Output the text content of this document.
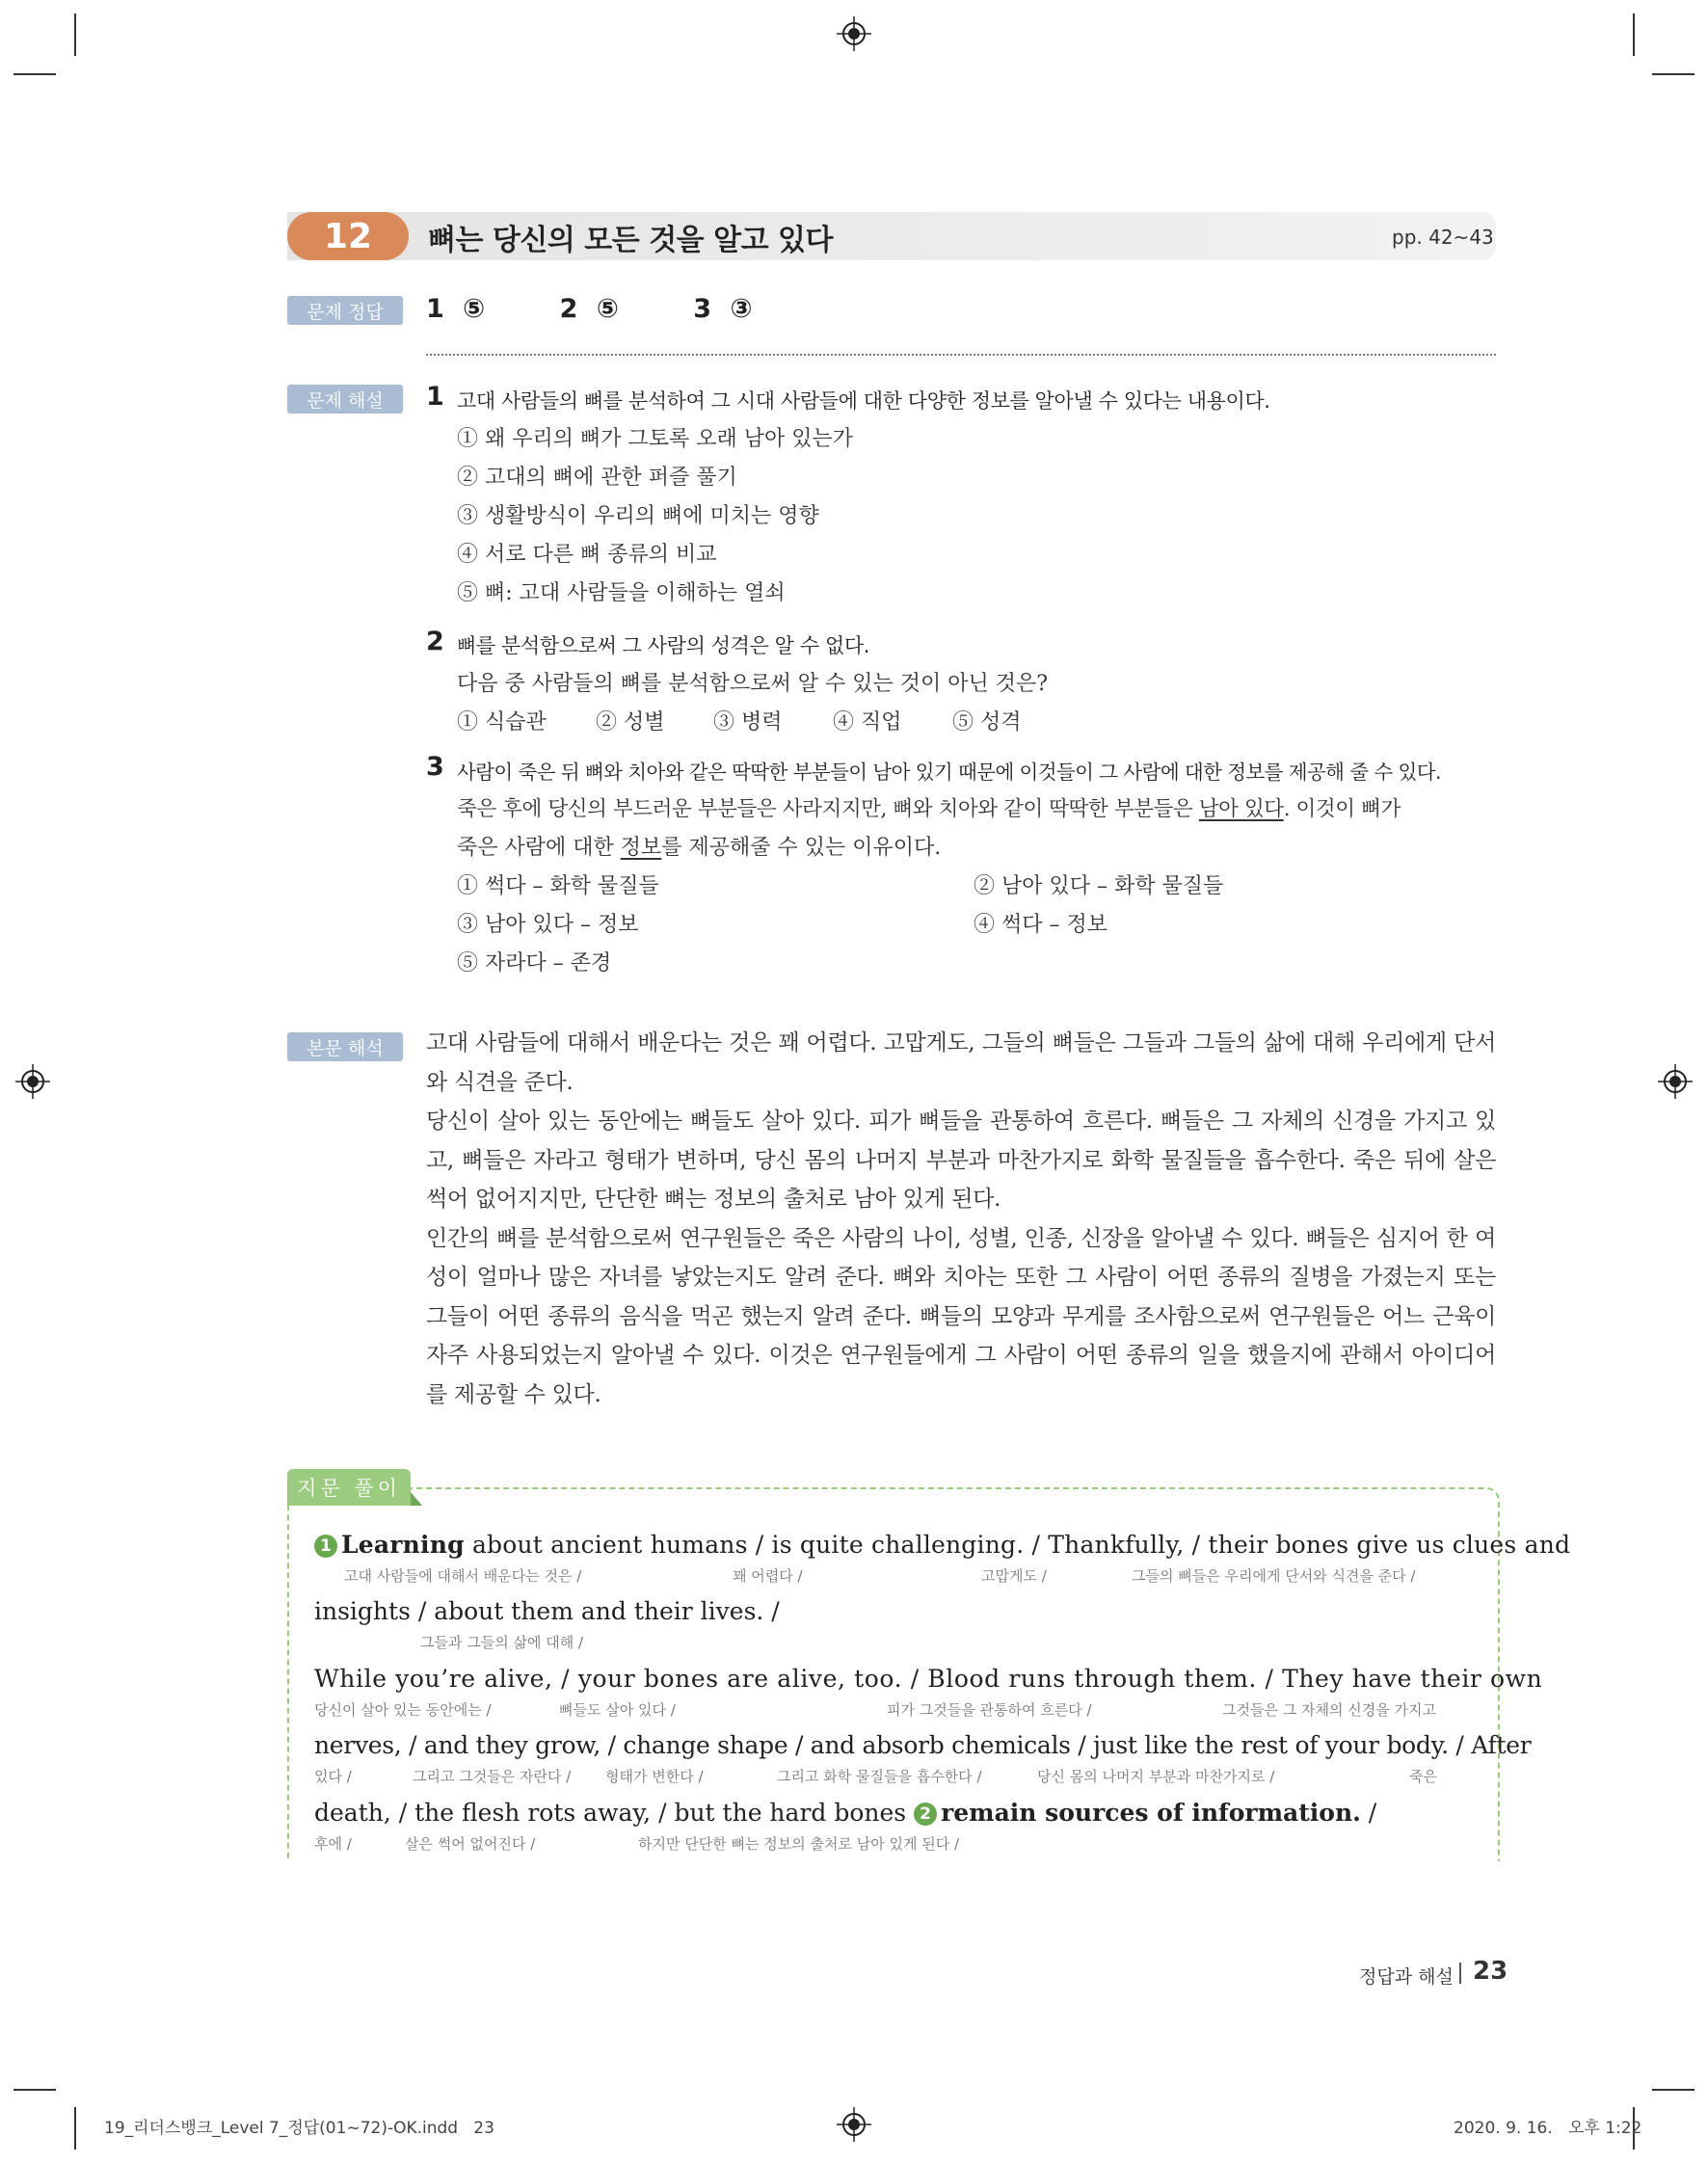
12	뼈는 당신의 모든 것을 알고 있다	pp. 42~43
문제 정답	1 ⑤    2 ⑤    3 ③
문제 해설	1 고대 사람들의 뼈를 분석하여 그 시대 사람들에 대한 다양한 정보를 알아낼 수 있다는 내용이다.
① 왜 우리의 뼈가 그토록 오래 남아 있는가
② 고대의 뼈에 관한 퍼즐 풀기
③ 생활방식이 우리의 뼈에 미치는 영향
④ 서로 다른 뼈 종류의 비교
⑤ 뼈: 고대 사람들을 이해하는 열쇠
2 뼈를 분석함으로써 그 사람의 성격은 알 수 없다.
다음 중 사람들의 뼈를 분석함으로써 알 수 있는 것이 아닌 것은?
① 식습관 ② 성별 ③ 병력 ④ 직업 ⑤ 성격
3 사람이 죽은 뒤 뼈와 치아와 같은 딱딱한 부분들이 남아 있기 때문에 이것들이 그 사람에 대한 정보를 제공해 줄 수 있다.
죽은 후에 당신의 부드러운 부분들은 사라지지만, 뼈와 치아와 같이 딱딱한 부분들은 남아 있다. 이것이 뼈가
죽은 사람에 대한 정보를 제공해줄 수 있는 이유이다.
① 썩다 – 화학 물질들	② 남아 있다 – 화학 물질들
③ 남아 있다 – 정보	④ 썩다 – 정보
⑤ 자라다 – 존경
본문 해석	고대 사람들에 대해서 배운다는 것은 꽤 어렵다. 고맙게도, 그들의 뼈들은 그들과 그들의 삶에 대해 우리에게 단서와 식견을 준다.

당신이 살아 있는 동안에는 뼈들도 살아 있다. 피가 뼈들을 관통하여 흐른다. 뼈들은 그 자체의 신경을 가지고 있고, 뼈들은 자라고 형태가 변하며, 당신 몸의 나머지 부분과 마찬가지로 화학 물질들을 흡수한다. 죽은 뒤에 살은 썩어 없어지지만, 단단한 뼈는 정보의 출처로 남아 있게 된다.

인간의 뼈를 분석함으로써 연구원들은 죽은 사람의 나이, 성별, 인종, 신장을 알아낼 수 있다. 뼈들은 심지어 한 여성이 얼마나 많은 자녀를 낳았는지도 알려 준다. 뼈와 치아는 또한 그 사람이 어떤 종류의 질병을 가졌는지 또는 그들이 어떤 종류의 음식을 먹곤 했는지 알려 준다. 뼈들의 모양과 무게를 조사함으로써 연구원들은 어느 근육이 자주 사용되었는지 알아낼 수 있다. 이것은 연구원들에게 그 사람이 어떤 종류의 일을 했을지에 관해서 아이디어를 제공할 수 있다.

지문 풀이
1 Learning about ancient humans / is quite challenging. / Thankfully, / their bones give us clues and
고대 사람들에 대해서 배운다는 것은 /	꽤 어렵다 /	고맙게도 /	그들의 뼈들은 우리에게 단서와 식견을 준다 /
insights / about them and their lives. /
그들과 그들의 삶에 대해 /
While you’re alive, / your bones are alive, too. / Blood runs through them. / They have their own
당신이 살아 있는 동안에는 /	뼈들도 살아 있다 /	피가 그것들을 관통하여 흐른다 /	그것들은 그 자체의 신경을 가지고
nerves, / and they grow, / change shape / and absorb chemicals / just like the rest of your body. / After
있다 /	그리고 그것들은 자란다 / 형태가 변한다 /	그리고 화학 물질들을 흡수한다 /	당신 몸의 나머지 부분과 마찬가지로 /	죽은
death, / the flesh rots away, / but the hard bones 2 remain sources of information. /
후에 /	살은 썩어 없어진다 /	하지만 단단한 뼈는 정보의 출처로 남아 있게 된다 /
정답과 해설 23
19_리더스뱅크_Level 7_정답(01~72)-OK.indd   23	2020. 9. 16.   오후 1:22
